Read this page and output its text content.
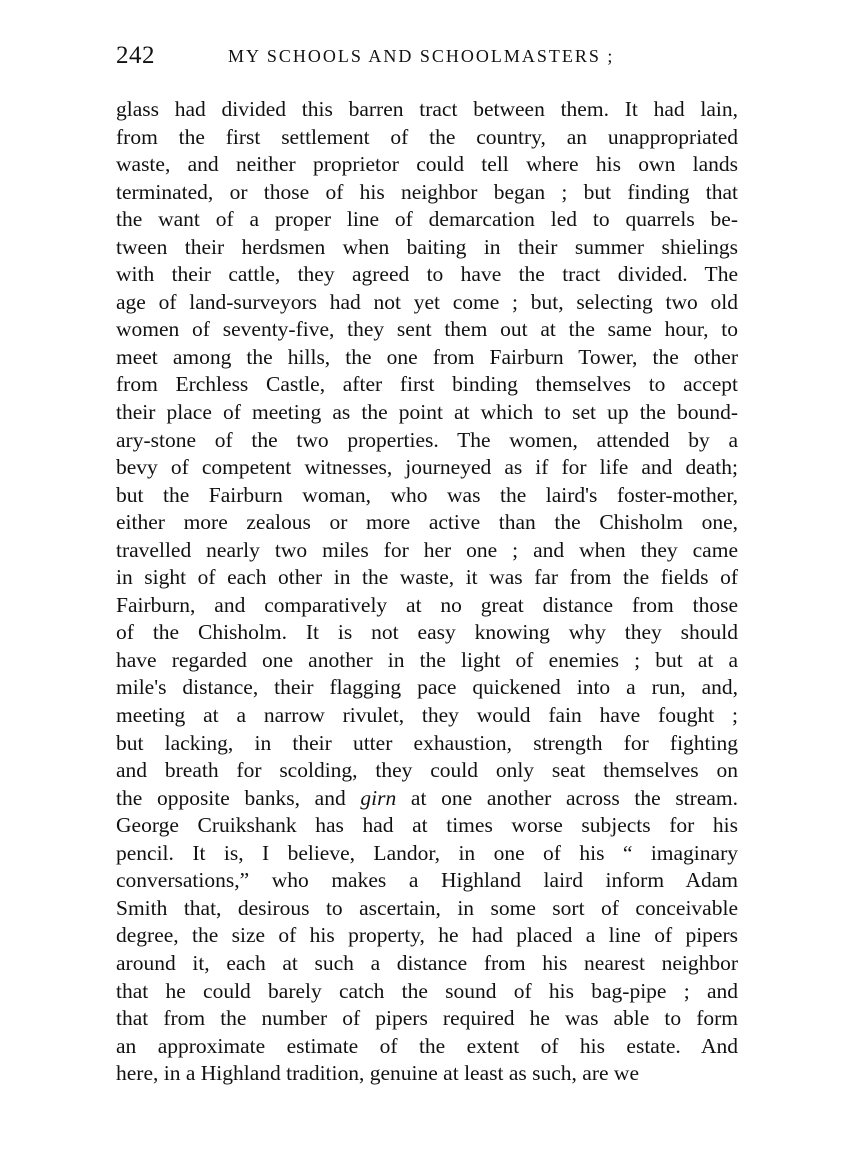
242	MY SCHOOLS AND SCHOOLMASTERS ;
glass had divided this barren tract between them. It had lain,
from the first settlement of the country, an unappropriated
waste, and neither proprietor could tell where his own lands
terminated, or those of his neighbor began ; but finding that
the want of a proper line of demarcation led to quarrels be-
tween their herdsmen when baiting in their summer shielings
with their cattle, they agreed to have the tract divided. The
age of land-surveyors had not yet come ; but, selecting two old
women of seventy-five, they sent them out at the same hour, to
meet among the hills, the one from Fairburn Tower, the other
from Erchless Castle, after first binding themselves to accept
their place of meeting as the point at which to set up the bound-
ary-stone of the two properties. The women, attended by a
bevy of competent witnesses, journeyed as if for life and death;
but the Fairburn woman, who was the laird's foster-mother,
either more zealous or more active than the Chisholm one,
travelled nearly two miles for her one ; and when they came
in sight of each other in the waste, it was far from the fields of
Fairburn, and comparatively at no great distance from those
of the Chisholm. It is not easy knowing why they should
have regarded one another in the light of enemies ; but at a
mile's distance, their flagging pace quickened into a run, and,
meeting at a narrow rivulet, they would fain have fought ;
but lacking, in their utter exhaustion, strength for fighting
and breath for scolding, they could only seat themselves on
the opposite banks, and girn at one another across the stream.
George Cruikshank has had at times worse subjects for his
pencil. It is, I believe, Landor, in one of his “ imaginary
conversations,” who makes a Highland laird inform Adam
Smith that, desirous to ascertain, in some sort of conceivable
degree, the size of his property, he had placed a line of pipers
around it, each at such a distance from his nearest neighbor
that he could barely catch the sound of his bag-pipe ; and
that from the number of pipers required he was able to form
an approximate estimate of the extent of his estate. And
here, in a Highland tradition, genuine at least as such, are we
